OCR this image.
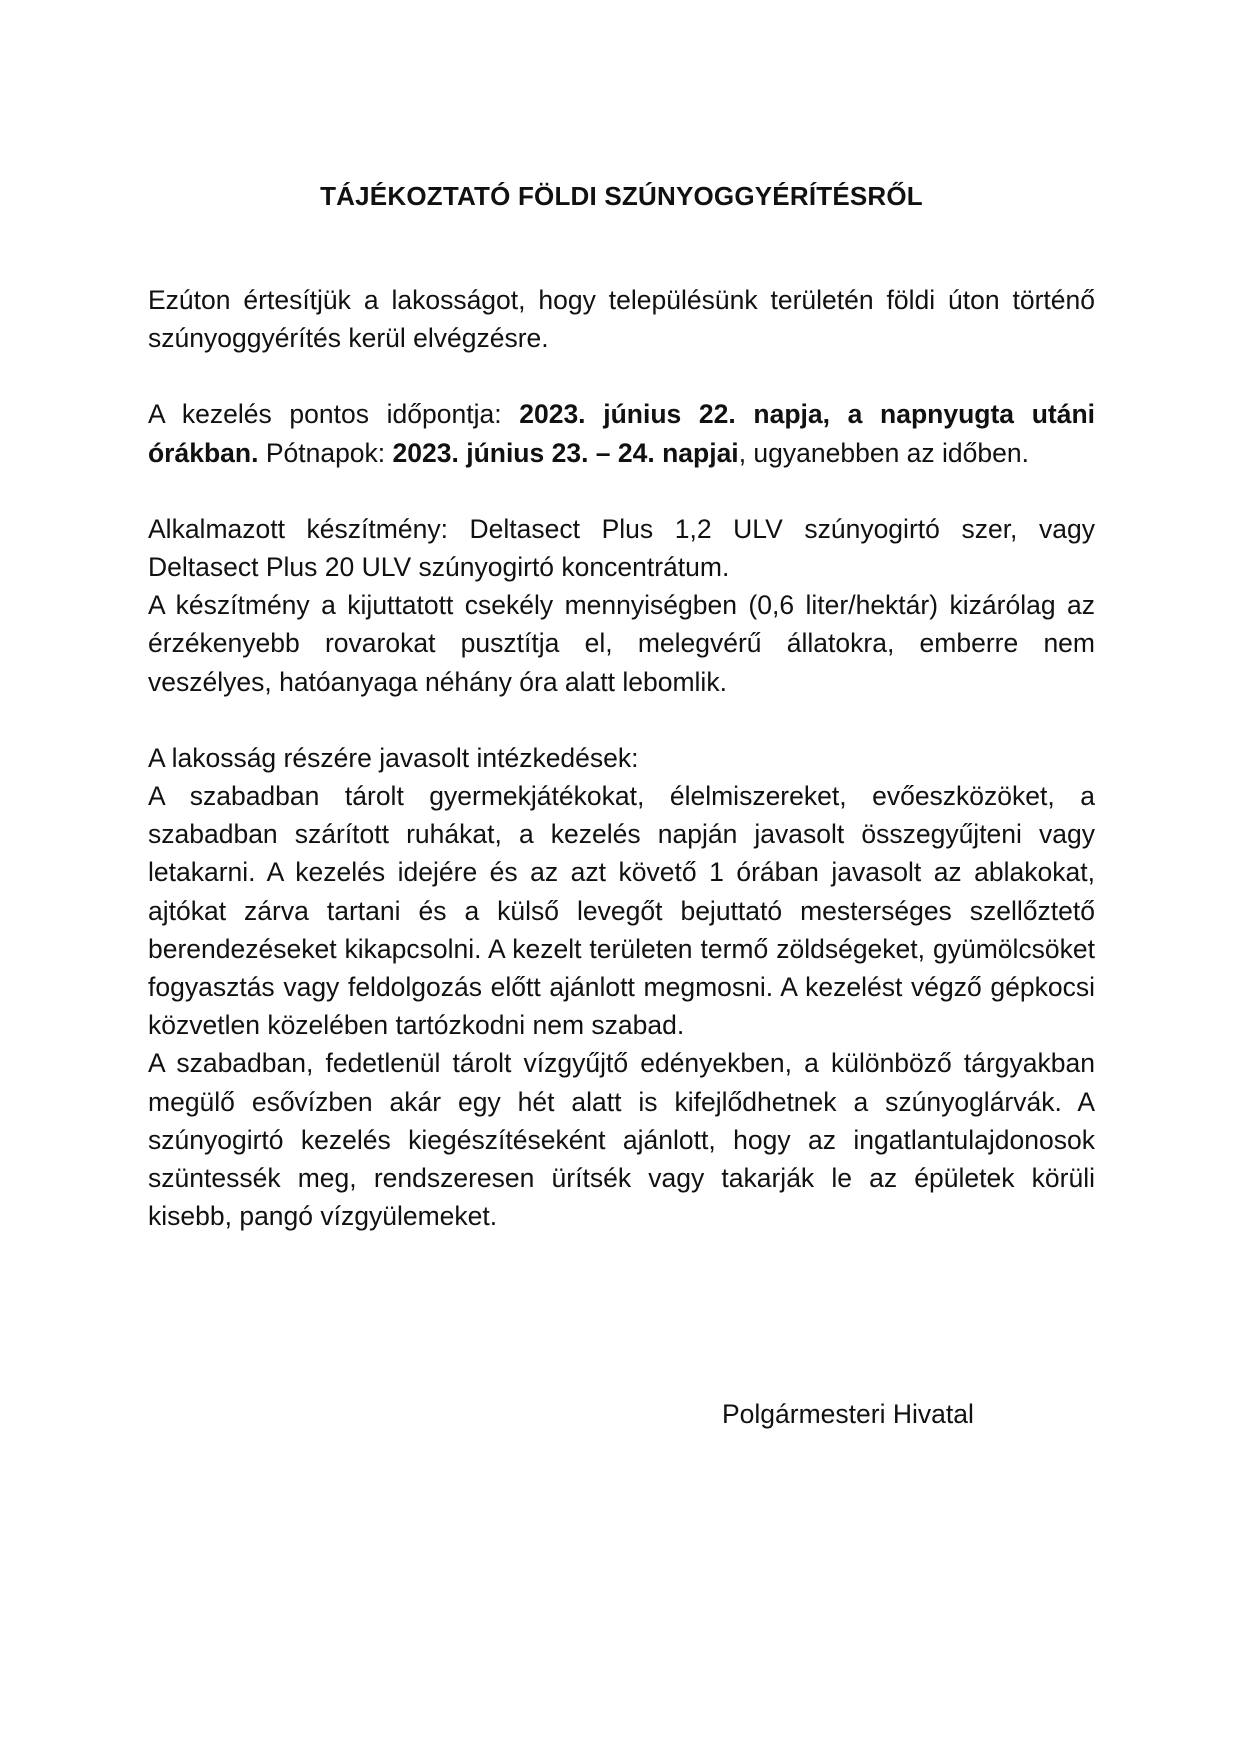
TÁJÉKOZTATÓ FÖLDI SZÚNYOGGYÉRÍTÉSRŐL

Ezúton értesítjük a lakosságot, hogy településünk területén földi úton történő szúnyoggyérítés kerül elvégzésre.

A kezelés pontos időpontja: 2023. június 22. napja, a napnyugta utáni órákban. Pótnapok: 2023. június 23. – 24. napjai, ugyanebben az időben.

Alkalmazott készítmény: Deltasect Plus 1,2 ULV szúnyogirtó szer, vagy Deltasect Plus 20 ULV szúnyogirtó koncentrátum.

A készítmény a kijuttatott csekély mennyiségben (0,6 liter/hektár) kizárólag az érzékenyebb rovarokat pusztítja el, melegvérű állatokra, emberre nem veszélyes, hatóanyaga néhány óra alatt lebomlik.

A lakosság részére javasolt intézkedések:

A szabadban tárolt gyermekjátékokat, élelmiszereket, evőeszközöket, a szabadban szárított ruhákat, a kezelés napján javasolt összegyűjteni vagy letakarni. A kezelés idejére és az azt követő 1 órában javasolt az ablakokat, ajtókat zárva tartani és a külső levegőt bejuttató mesterséges szellőztető berendezéseket kikapcsolni. A kezelt területen termő zöldségeket, gyümölcsöket fogyasztás vagy feldolgozás előtt ajánlott megmosni. A kezelést végző gépkocsi közvetlen közelében tartózkodni nem szabad.

A szabadban, fedetlenül tárolt vízgyűjtő edényekben, a különböző tárgyakban megülő esővízben akár egy hét alatt is kifejlődhetnek a szúnyoglárvák. A szúnyogirtó kezelés kiegészítéseként ajánlott, hogy az ingatlantulajdonosok szüntessék meg, rendszeresen ürítsék vagy takarják le az épületek körüli kisebb, pangó vízgyülemeket.

Polgármesteri Hivatal
